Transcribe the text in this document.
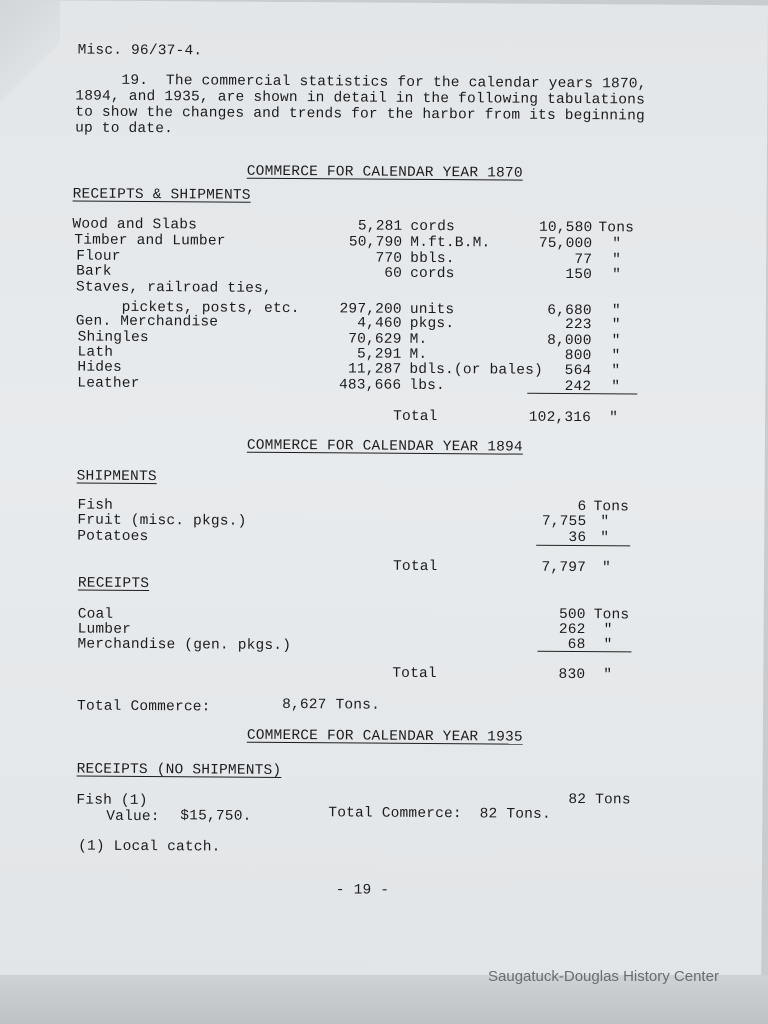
Misc. 96/37-4.
19.  The commercial statistics for the calendar years 1870,
1894, and 1935, are shown in detail in the following tabulations
to show the changes and trends for the harbor from its beginning
up to date.
COMMERCE FOR CALENDAR YEAR 1870
RECEIPTS & SHIPMENTS
Wood and Slabs	5,281 cords	10,580 Tons
Timber and Lumber	50,790 M.ft.B.M.	75,000 "
Flour	770 bbls.	77 "
Bark	60 cords	150 "
Staves, railroad ties,
pickets, posts, etc.	297,200 units	6,680 "
Gen. Merchandise	4,460 pkgs.	223 "
Shingles	70,629 M.	8,000 "
Lath	5,291 M.	800 "
Hides	11,287 bdls.(or bales)	564 "
Leather	483,666 lbs.	242 "
Total	102,316 "
COMMERCE FOR CALENDAR YEAR 1894
SHIPMENTS
Fish	6 Tons
Fruit (misc. pkgs.)	7,755 "
Potatoes	36 "
Total	7,797 "
RECEIPTS
Coal	500 Tons
Lumber	262 "
Merchandise (gen. pkgs.)	68 "
Total	830 "
Total Commerce:	8,627 Tons.
COMMERCE FOR CALENDAR YEAR 1935
RECEIPTS (NO SHIPMENTS)
Fish (1)	82 Tons
Value: $15,750.	Total Commerce:  82 Tons.
(1) Local catch.
- 19 -
Saugatuck-Douglas History Center
